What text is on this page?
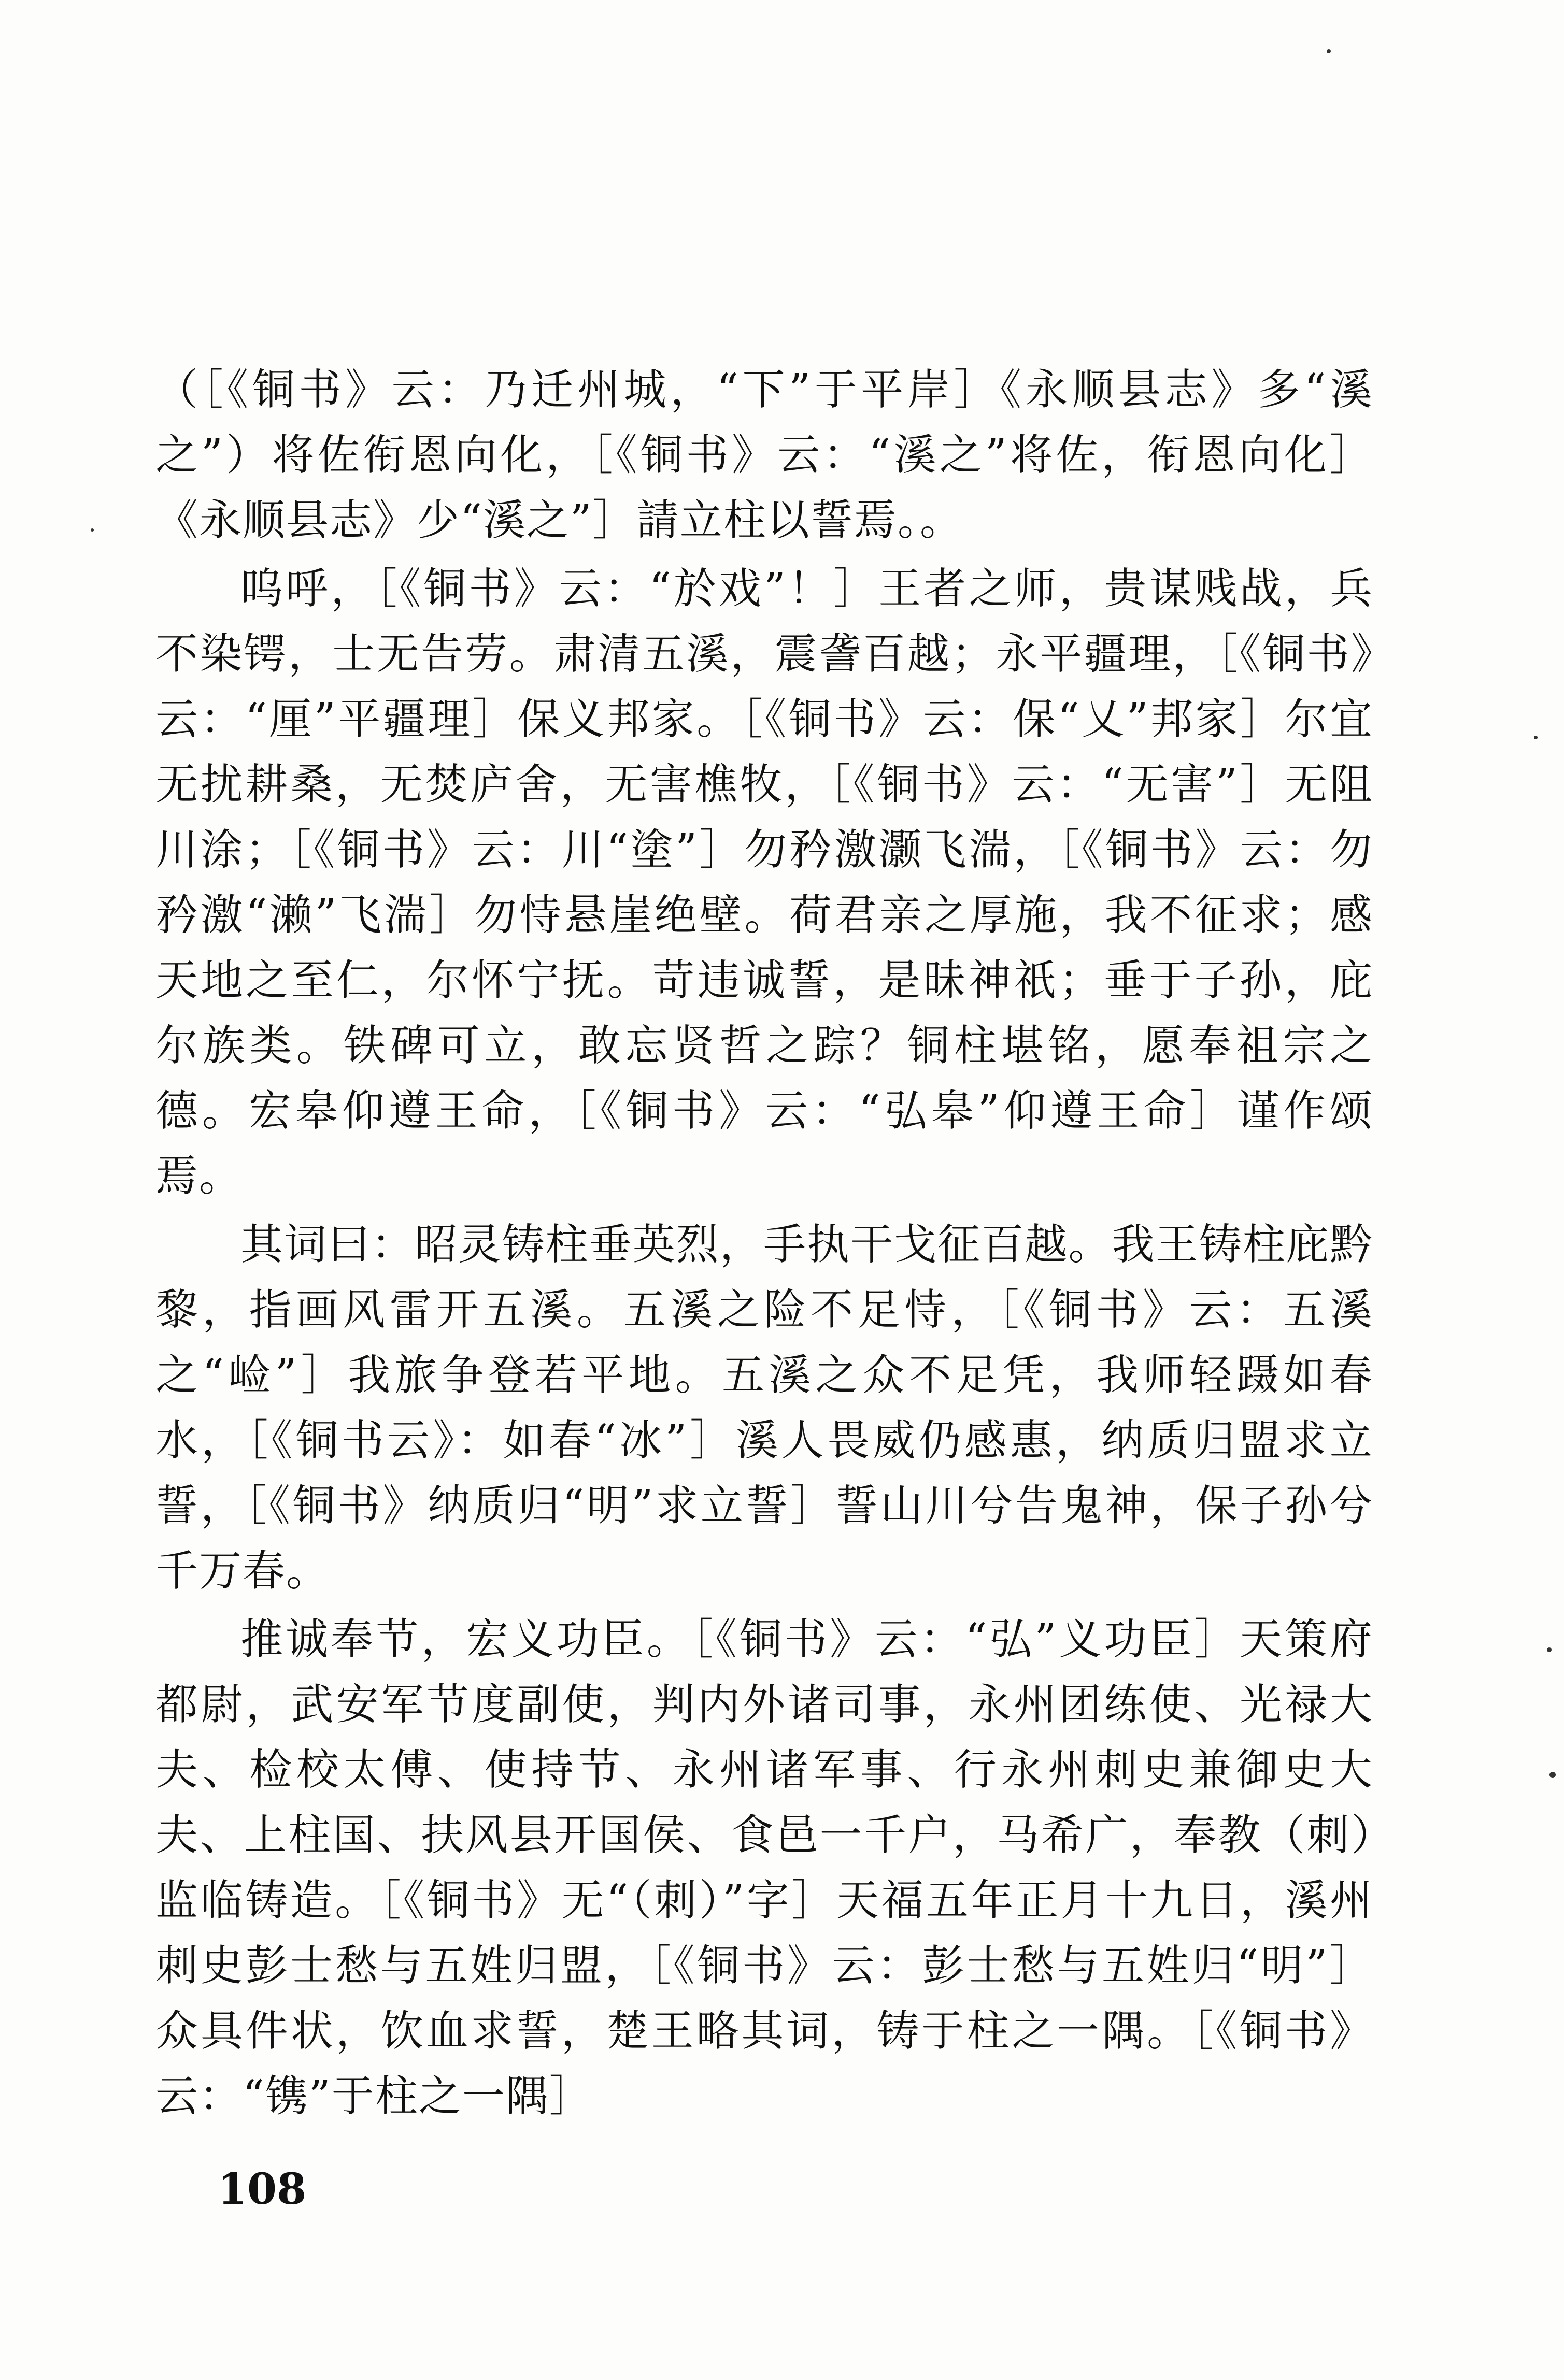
（［《铜书》云：乃迁州城，“下”于平岸］《永顺县志》多“溪之”）将佐衔恩向化，［《铜书》云：“溪之”将佐，衔恩向化］《永顺县志》少“溪之”］請立柱以誓焉。。

呜呼，［《铜书》云：“於戏”！］王者之师，贵谋贱战，兵不染锷，士无告劳。肃清五溪，震詟百越；永平疆理，［《铜书》云：“厘”平疆理］保义邦家。［《铜书》云：保“乂”邦家］尔宜无扰耕桑，无焚庐舍，无害樵牧，［《铜书》云：“无害”］无阻川涂；［《铜书》云：川“塗”］勿矜激灏飞湍，［《铜书》云：勿矜激“濑”飞湍］勿恃悬崖绝壁。荷君亲之厚施，我不征求；感天地之至仁，尔怀宁抚。苛违诚誓，是昧神祇；垂于子孙，庇尔族类。铁碑可立，敢忘贤哲之踪？铜柱堪铭，愿奉祖宗之德。宏皋仰遵王命，［《铜书》云：“弘皋”仰遵王命］谨作颂焉。

其词曰：昭灵铸柱垂英烈，手执干戈征百越。我王铸柱庇黔黎，指画风雷开五溪。五溪之险不足恃，［《铜书》云：五溪之“崄”］我旅争登若平地。五溪之众不足凭，我师轻蹑如春水，［《铜书云》：如春“冰”］溪人畏威仍感惠，纳质归盟求立誓，［《铜书》纳质归“明”求立誓］誓山川兮告鬼神，保子孙兮千万春。

推诚奉节，宏义功臣。［《铜书》云：“弘”义功臣］天策府都尉，武安军节度副使，判内外诸司事，永州团练使、光禄大夫、检校太傅、使持节、永州诸军事、行永州刺史兼御史大夫、上柱国、扶风县开国侯、食邑一千户，马希广，奉教（刺）监临铸造。［《铜书》无“（刺）”字］天福五年正月十九日，溪州刺史彭士愁与五姓归盟，［《铜书》云：彭士愁与五姓归“明”］众具件状，饮血求誓，楚王略其词，铸于柱之一隅。［《铜书》云：“镌”于柱之一隅］

108
